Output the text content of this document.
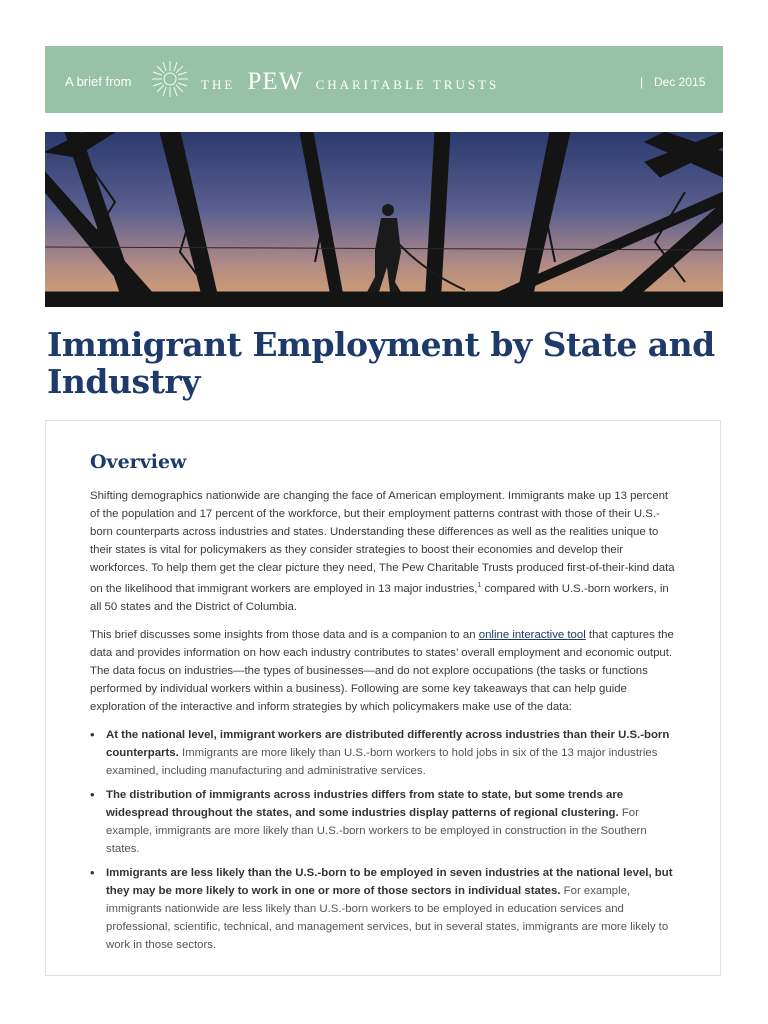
A brief from	THE PEW CHARITABLE TRUSTS	| Dec 2015
Immigrant Employment by State and Industry
Overview

Shifting demographics nationwide are changing the face of American employment. Immigrants make up 13 percent of the population and 17 percent of the workforce, but their employment patterns contrast with those of their U.S.-born counterparts across industries and states. Understanding these differences as well as the realities unique to their states is vital for policymakers as they consider strategies to boost their economies and develop their workforces. To help them get the clear picture they need, The Pew Charitable Trusts produced first-of-their-kind data on the likelihood that immigrant workers are employed in 13 major industries,$^1$ compared with U.S.-born workers, in all 50 states and the District of Columbia.

This brief discusses some insights from those data and is a companion to an online interactive tool that captures the data and provides information on how each industry contributes to states’ overall employment and economic output. The data focus on industries—the types of businesses—and do not explore occupations (the tasks or functions performed by individual workers within a business). Following are some key takeaways that can help guide exploration of the interactive and inform strategies by which policymakers make use of the data:

• At the national level, immigrant workers are distributed differently across industries than their U.S.-born counterparts. Immigrants are more likely than U.S.-born workers to hold jobs in six of the 13 major industries examined, including manufacturing and administrative services.
• The distribution of immigrants across industries differs from state to state, but some trends are widespread throughout the states, and some industries display patterns of regional clustering. For example, immigrants are more likely than U.S.-born workers to be employed in construction in the Southern states.
• Immigrants are less likely than the U.S.-born to be employed in seven industries at the national level, but they may be more likely to work in one or more of those sectors in individual states. For example, immigrants nationwide are less likely than U.S.-born workers to be employed in education services and professional, scientific, technical, and management services, but in several states, immigrants are more likely to work in those sectors.
